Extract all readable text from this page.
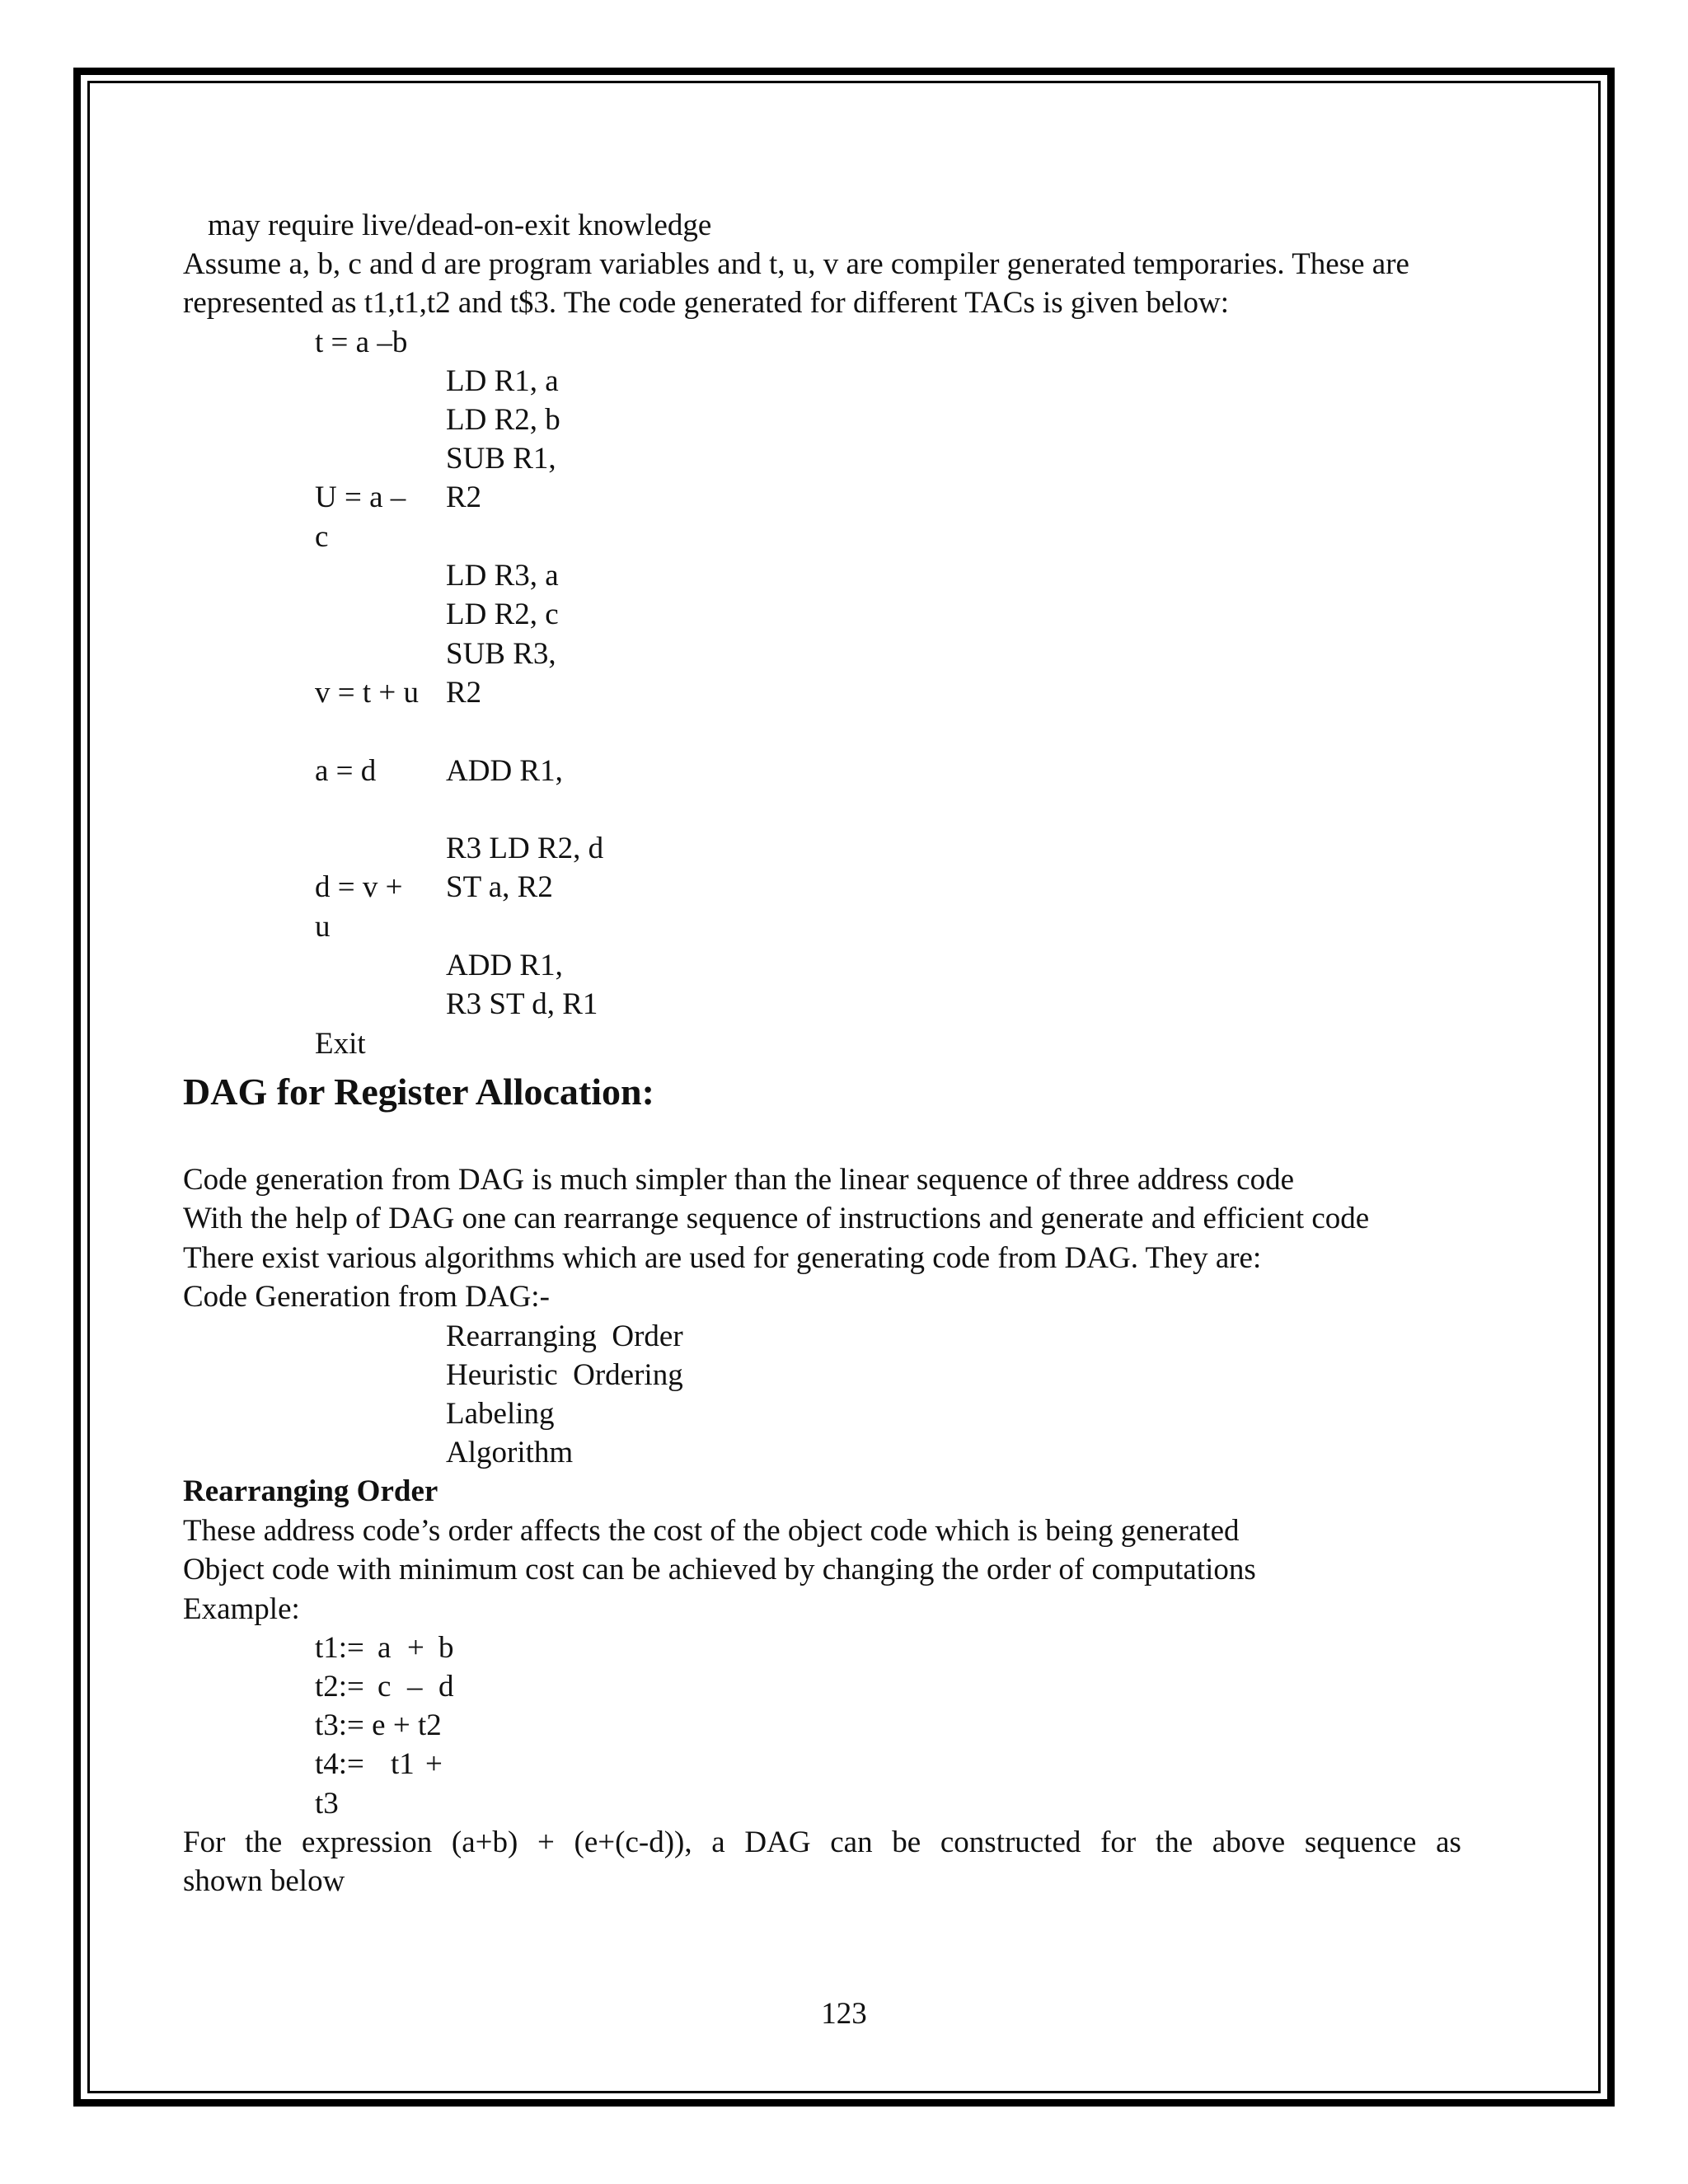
may require live/dead-on-exit knowledge
Assume a, b, c and d are program variables and t, u, v are compiler generated temporaries. These are
represented as t1,t1,t2 and t$3. The code generated for different TACs is given below:
t = a –b
U = a –
c
v = t + u
a = d
d = v +
u
Exit
LD R1, a
LD R2, b
SUB R1,
R2
LD R3, a
LD R2, c
SUB R3,
R2
ADD R1,
R3 LD R2, d
ST a, R2
ADD R1,
R3 ST d, R1
DAG for Register Allocation:
Code generation from DAG is much simpler than the linear sequence of three address code
With the help of DAG one can rearrange sequence of instructions and generate and efficient code
There exist various algorithms which are used for generating code from DAG. They are:
Code Generation from DAG:-
Rearranging  Order
Heuristic  Ordering
Labeling
Algorithm
Rearranging Order
These address code’s order affects the cost of the object code which is being generated
Object code with minimum cost can be achieved by changing the order of computations
Example:
t1:= a + b
t2:= c – d
t3:= e + t2
t4:= t1 +
t3
For the expression (a+b) + (e+(c-d)), a DAG can be constructed for the above sequence as
shown below
123
